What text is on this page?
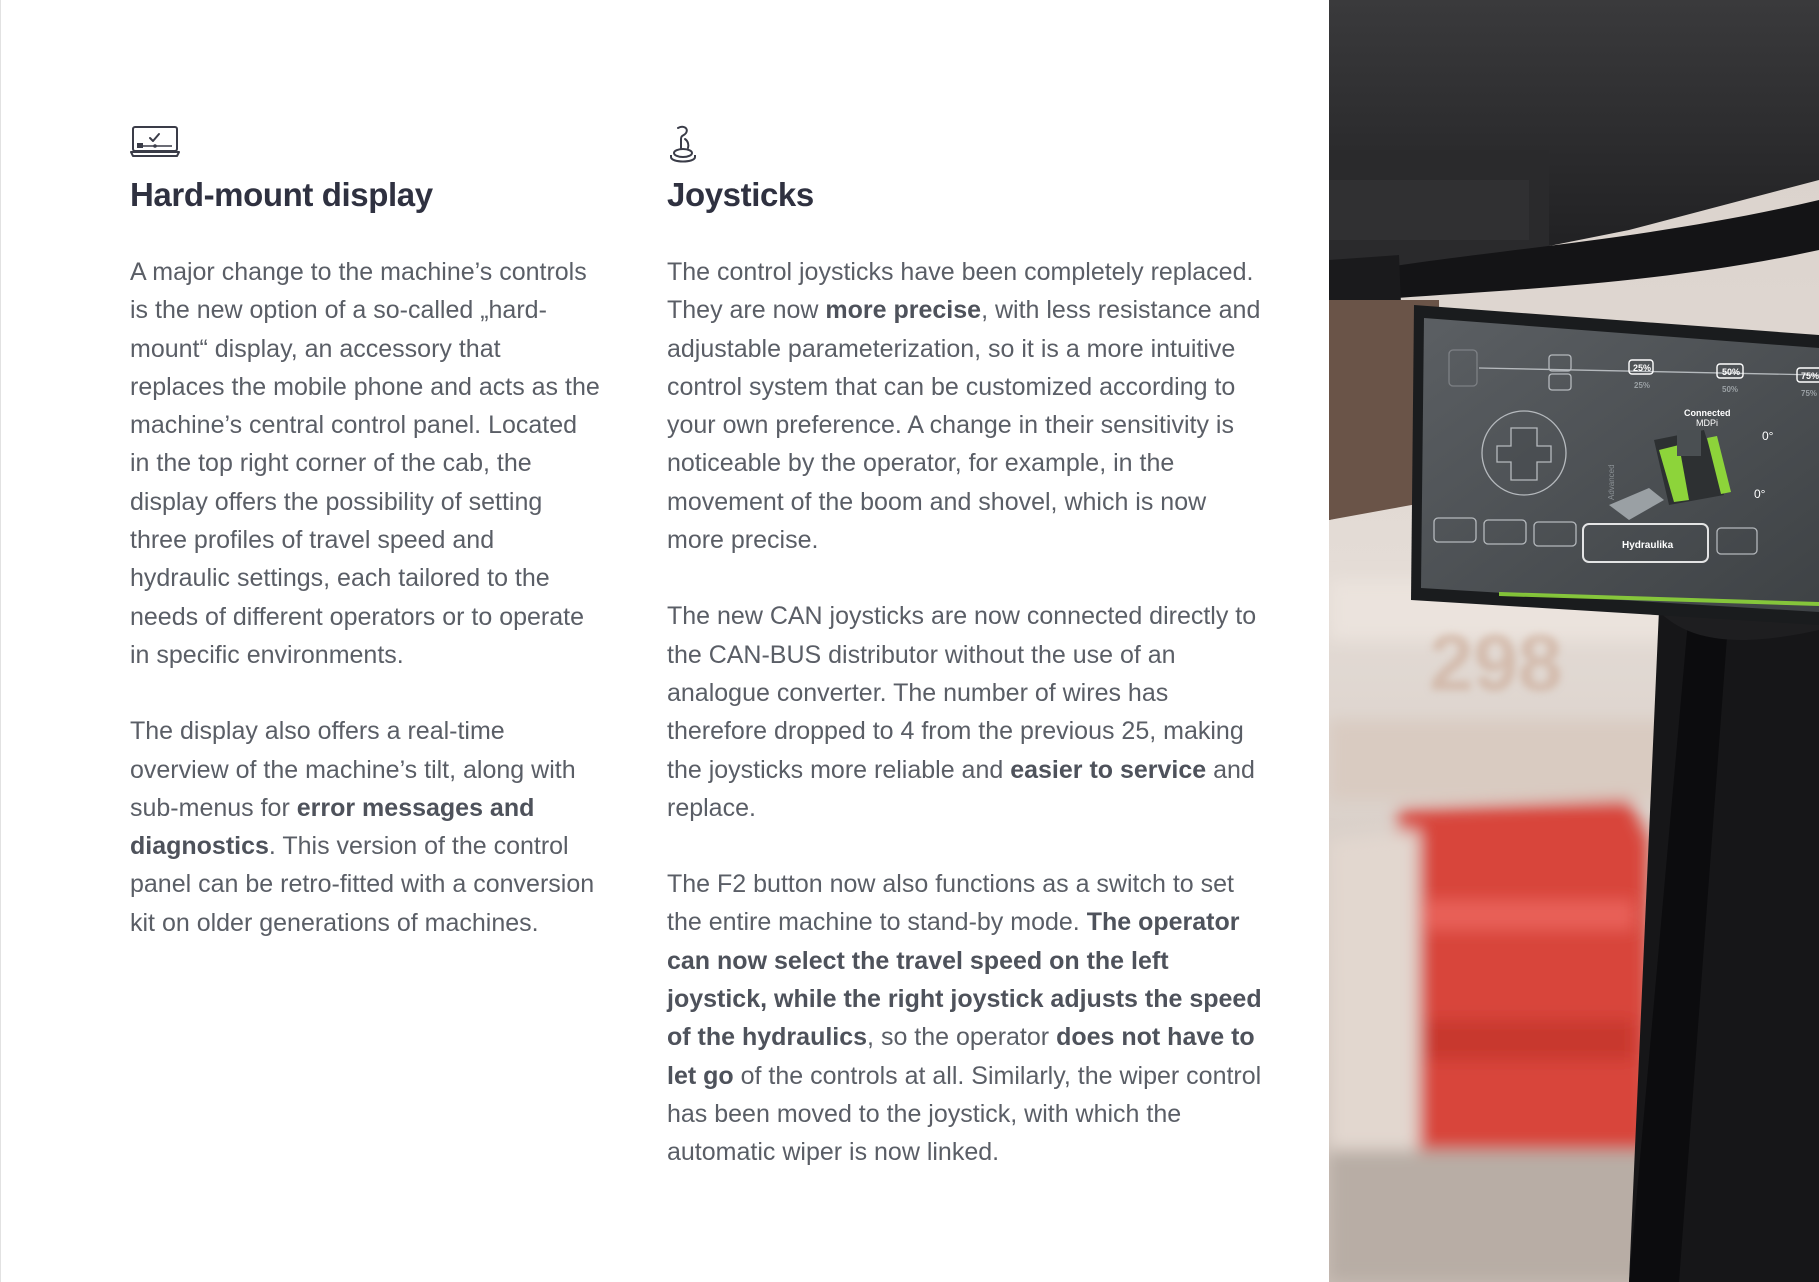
Hard-mount display

A major change to the machine’s controls is the new option of a so-called „hard-mount“ display, an accessory that replaces the mobile phone and acts as the machine’s central control panel. Located in the top right corner of the cab, the display offers the possibility of setting three profiles of travel speed and hydraulic settings, each tailored to the needs of different operators or to operate in specific environments.

The display also offers a real-time overview of the machine’s tilt, along with sub-menus for error messages and diagnostics. This version of the control panel can be retro-fitted with a conversion kit on older generations of machines.

Joysticks

The control joysticks have been completely replaced. They are now more precise, with less resistance and adjustable parameterization, so it is a more intuitive control system that can be customized according to your own preference. A change in their sensitivity is noticeable by the operator, for example, in the movement of the boom and shovel, which is now more precise.

The new CAN joysticks are now connected directly to the CAN-BUS distributor without the use of an analogue converter. The number of wires has therefore dropped to 4 from the previous 25, making the joysticks more reliable and easier to service and replace.

The F2 button now also functions as a switch to set the entire machine to stand-by mode. The operator can now select the travel speed on the left joystick, while the right joystick adjusts the speed of the hydraulics, so the operator does not have to let go of the controls at all. Similarly, the wiper control has been moved to the joystick, with which the automatic wiper is now linked.

298
25%
25%
50%
50%
75%
75%
Connected
MDPi
0°
0°
Hydraulika
Advanced
